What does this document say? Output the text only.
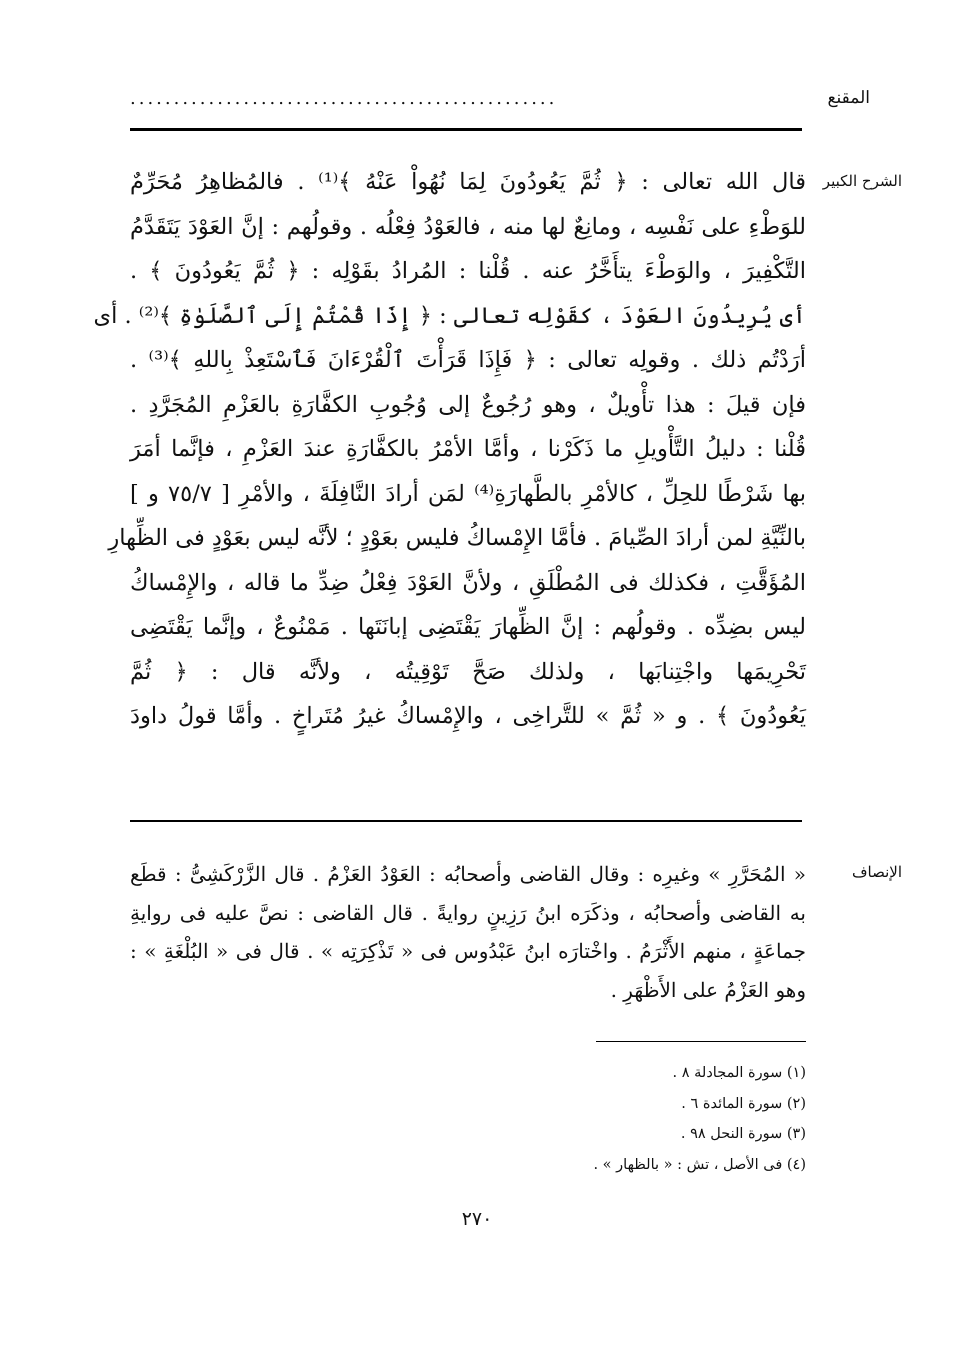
المقنع
.................................................
الشرح الكبير
قال الله تعالى : ﴿ ثُمَّ يَعُودُونَ لِمَا نُهُواْ عَنْهُ ﴾⁽¹⁾ . فالمُظاهِرُ مُحَرِّمٌ
للوَطْءِ على نَفْسِه ، ومانِعٌ لها منه ، فالعَوْدُ فِعْلُه . وقولُهم : إنَّ العَوْدَ يَتَقَدَّمُ
التَّكْفِيرَ ، والوَطْءَ يتأَخَّرُ عنه . قُلْنا : المُرادُ بقَوْلِه : ﴿ ثُمَّ يَعُودُونَ ﴾ .
أى يُرِيدُونَ العَوْدَ ، كقَوْلِه تعالى : ﴿ إِذَا قُمْتُمْ إِلَى ٱلصَّلَوٰةِ ﴾⁽²⁾ . أى
أرَدْتُم ذلك . وقولِه تعالى : ﴿ فَإِذَا قَرَأْتَ ٱلْقُرْءَانَ فَٱسْتَعِذْ بِاللهِ ﴾⁽³⁾ .
فإن قيلَ : هذا تأْويلٌ ، وهو رُجُوعٌ إلى وُجُوبِ الكفَّارَةِ بالعَزْمِ المُجَرَّدِ .
قُلْنا : دليلُ التَّأْويلِ ما ذَكَرْنا ، وأمَّا الأمْرُ بالكفَّارَةِ عندَ العَزْمِ ، فإنَّما أمَرَ
بها شَرْطًا للحِلِّ ، كالأمْرِ بالطَّهارَةِ⁽⁴⁾ لمَن أرادَ النَّافِلَةَ ، والأمْرِ [ ٧٥/٧ و ]
بالنِّيَّةِ لمن أرادَ الصِّيامَ . فأمَّا الإِمْساكُ فليس بعَوْدٍ ؛ لأنَّه ليس بعَوْدٍ فى الظِّهارِ
المُؤَقَّتِ ، فكذلك فى المُطْلَقِ ، ولأنَّ العَوْدَ فِعْلُ ضِدِّ ما قاله ، والإِمْساكُ
ليس بضِدِّه . وقولُهم : إنَّ الظِّهارَ يَقْتَضِى إبانَتَها . مَمْنُوعٌ ، وإنَّما يَقْتَضِى
تَحْرِيمَها واجْتِنابَها ، ولذلك صَحَّ تَوْقِيتُه ، ولأنَّه قال : ﴿ ثُمَّ
يَعُودُونَ ﴾ . و « ثُمَّ » للتَّراخِى ، والإِمْساكُ غيرُ مُتَراخٍ . وأمَّا قولُ داودَ
الإنصاف
« المُحَرَّرِ » وغيرِه : وقال القاضى وأصحابُه : العَوْدُ العَزْمُ . قال الزَّرْكَشِىُّ : قطَع
به القاضى وأصحابُه ، وذكَرَه ابنُ رَزِينٍ روايةً . قال القاضى : نصَّ عليه فى روايةِ
جماعَةٍ ، منهم الأَثْرَمُ . واخْتارَه ابنُ عَبْدُوس فى « تَذْكِرَتِه » . قال فى « البُلْغَةِ » :
وهو العَزْمُ على الأَظْهَرِ .
(١) سورة المجادلة ٨ .
(٢) سورة المائدة ٦ .
(٣) سورة النحل ٩٨ .
(٤) فى الأصل ، تش : « بالظهار » .
٢٧٠
